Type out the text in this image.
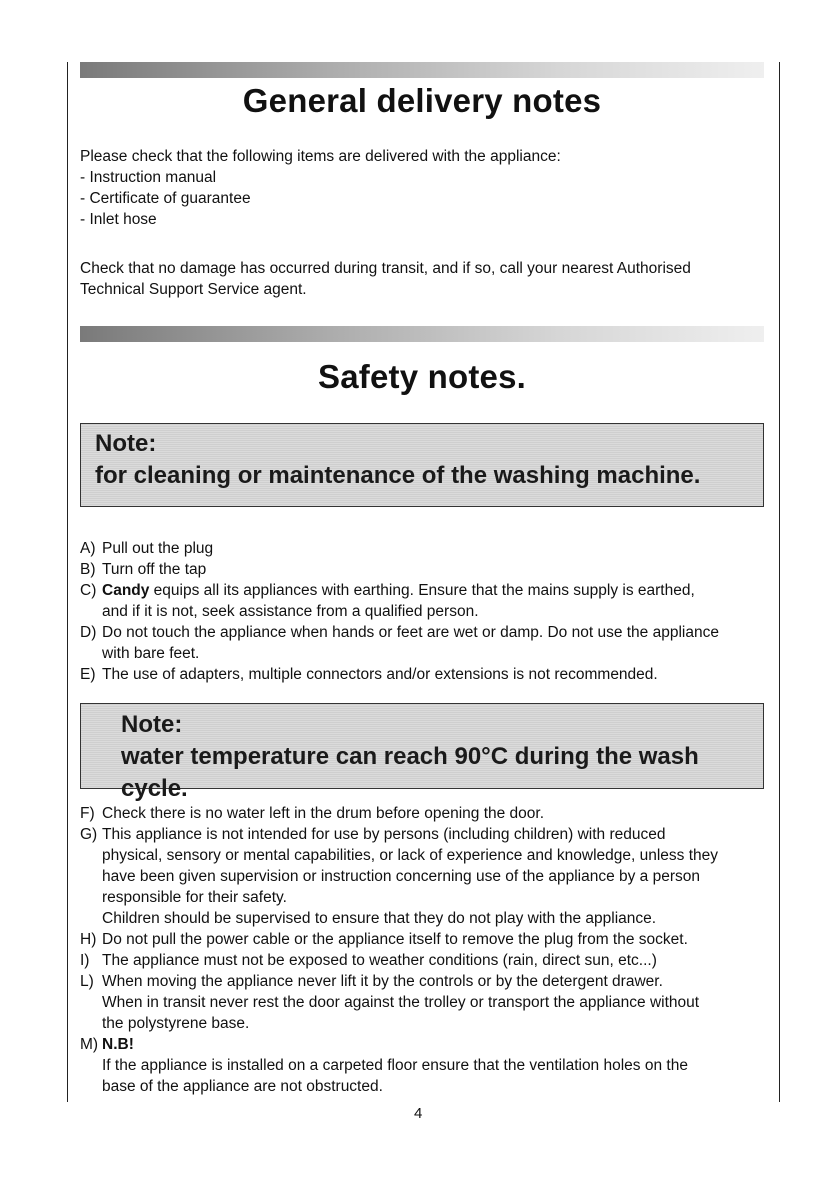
General delivery notes
Please check that the following items are delivered with the appliance:
- Instruction manual
- Certificate of guarantee
- Inlet hose
Check that no damage has occurred during transit, and if so, call your nearest Authorised
Technical Support Service agent.
Safety notes.
Note:
for cleaning or maintenance of the washing machine.
A) Pull out the plug
B) Turn off the tap
C) Candy equips all its appliances with earthing. Ensure that the mains supply is earthed,
and if it is not, seek assistance from a qualified person.
D) Do not touch the appliance when hands or feet are wet or damp. Do not use the appliance
with bare feet.
E) The use of adapters, multiple connectors and/or extensions is not recommended.
Note:
water temperature can reach 90°C during the wash cycle.
F) Check there is no water left in the drum before opening the door.
G) This appliance is not intended for use by persons (including children) with reduced
physical, sensory or mental capabilities, or lack of experience and knowledge, unless they
have been given supervision or instruction concerning use of the appliance by a person
responsible for their safety.
Children should be supervised to ensure that they do not play with the appliance.
H) Do not pull the power cable or the appliance itself to remove the plug from the socket.
I) The appliance must not be exposed to weather conditions (rain, direct sun, etc...)
L) When moving the appliance never lift it by the controls or by the detergent drawer.
When in transit never rest the door against the trolley or transport the appliance without
the polystyrene base.
M) N.B!
If the appliance is installed on a carpeted floor ensure that the ventilation holes on the
base of the appliance are not obstructed.
4
